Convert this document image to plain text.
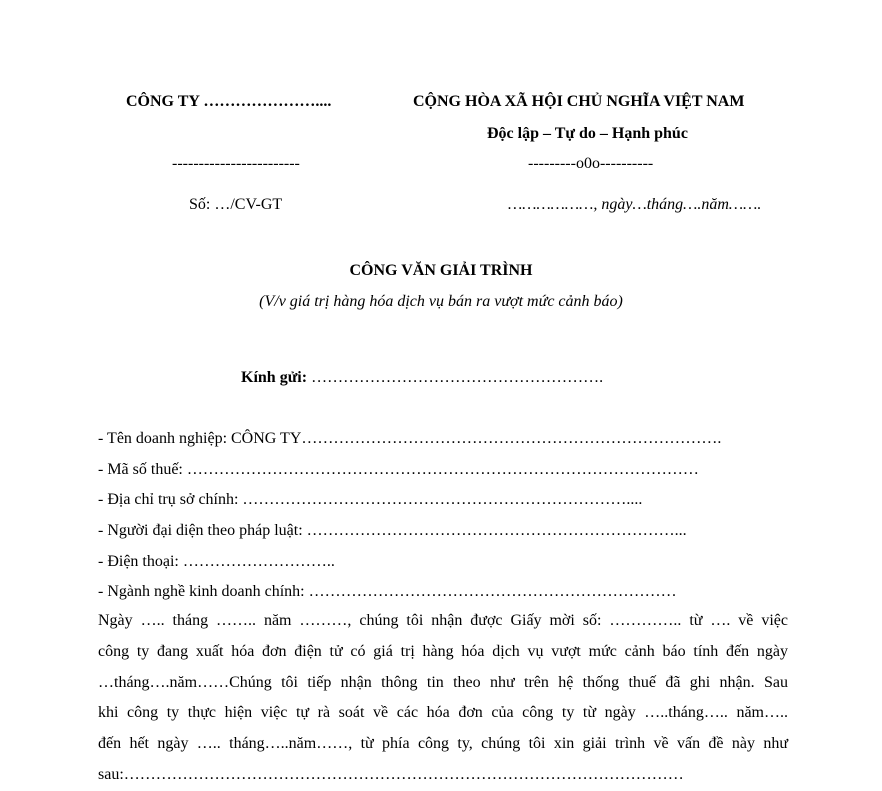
CÔNG TY …………………....
------------------------
Số: …/CV-GT
CỘNG HÒA XÃ HỘI CHỦ NGHĨA VIỆT NAM
Độc lập – Tự do – Hạnh phúc
---------o0o----------
………………, ngày…tháng….năm…….
CÔNG VĂN GIẢI TRÌNH
(V/v giá trị hàng hóa dịch vụ bán ra vượt mức cảnh báo)
Kính gửi: ……………………………………………….
- Tên doanh nghiệp: CÔNG TY…………………………………………………………………….
- Mã số thuế: ……………………………………………………………………………………
- Địa chỉ trụ sở chính: ………………………………………………………………....
- Người đại diện theo pháp luật: ……………………………………………………………...
- Điện thoại: ………………………..
- Ngành nghề kinh doanh chính: ……………………………………………………………
Ngày ….. tháng …….. năm ………, chúng tôi nhận được Giấy mời số: ………….. từ …. về việc
công ty đang xuất hóa đơn điện tử có giá trị hàng hóa dịch vụ vượt mức cảnh báo tính đến ngày
…tháng….năm……Chúng tôi tiếp nhận thông tin theo như trên hệ thống thuế đã ghi nhận. Sau
khi công ty thực hiện việc tự rà soát về các hóa đơn của công ty từ ngày …..tháng….. năm…..
đến hết ngày ….. tháng…..năm……, từ phía công ty, chúng tôi xin giải trình về vấn đề này như
sau:……………………………………………………………………………………………
